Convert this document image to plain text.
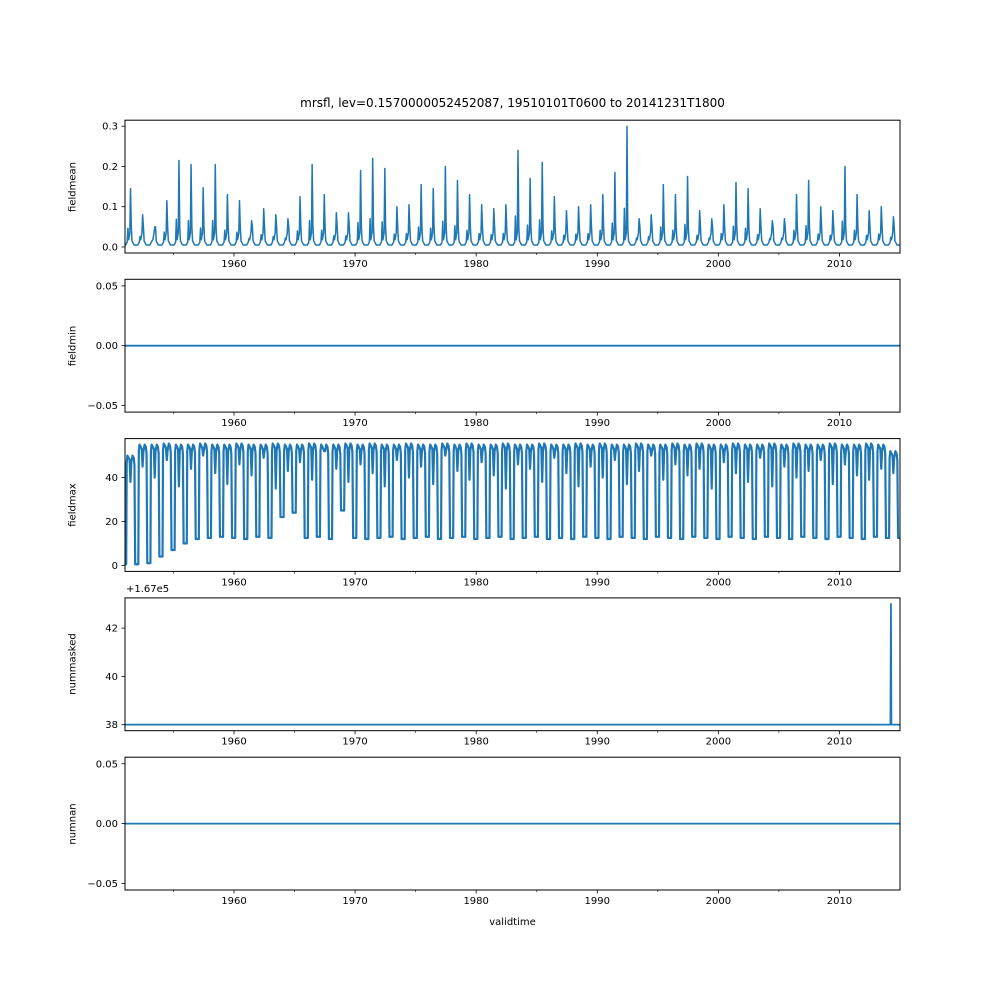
1960	1970	1980	1990	2000	2010
0.0
0.1
0.2
0.3
1960	1970	1980	1990	2000	2010
−0.05
0.00
0.05
1960	1970	1980	1990	2000	2010
0
20
40
1960	1970	1980	1990	2000	2010
38
40
42
1960	1970	1980	1990	2000	2010
−0.05
0.00
0.05
mrsfl, lev=0.1570000052452087, 19510101T0600 to 20141231T1800
fieldmean
fieldmin
fieldmax
nummasked
numnan
+1.67e5
validtime
